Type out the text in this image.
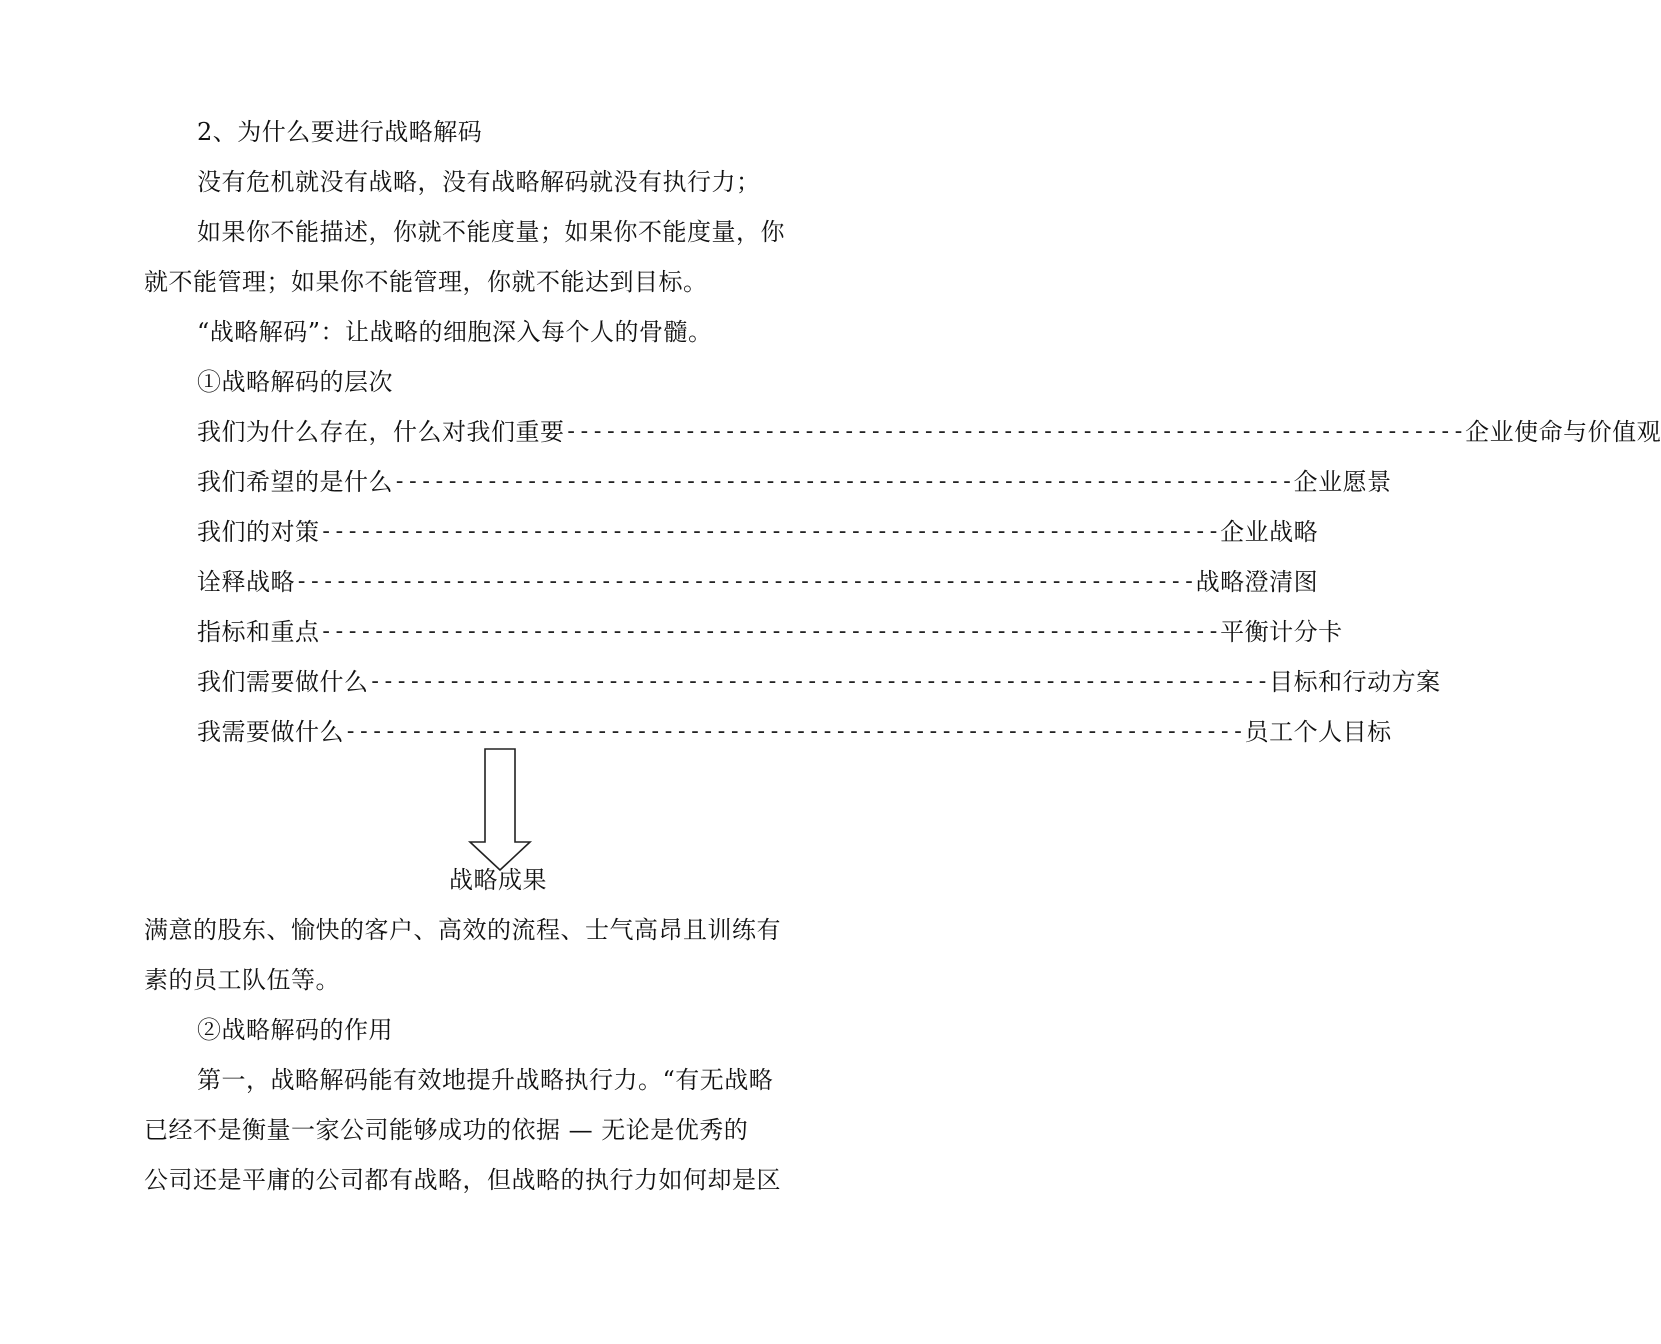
2、为什么要进行战略解码
没有危机就没有战略，没有战略解码就没有执行力；
如果你不能描述，你就不能度量；如果你不能度量，你
就不能管理；如果你不能管理，你就不能达到目标。
“战略解码”：让战略的细胞深入每个人的骨髓。
①战略解码的层次
我们为什么存在，什么对我们重要 -------------------------------------------------------------------- 企业使命与价值观
我们希望的是什么 -------------------------------------------------------------------- 企业愿景
我们的对策 -------------------------------------------------------------------- 企业战略
诠释战略 -------------------------------------------------------------------- 战略澄清图
指标和重点 -------------------------------------------------------------------- 平衡计分卡
我们需要做什么 -------------------------------------------------------------------- 目标和行动方案
我需要做什么 -------------------------------------------------------------------- 员工个人目标
战略成果
满意的股东、愉快的客户、高效的流程、士气高昂且训练有
素的员工队伍等。
②战略解码的作用
第一，战略解码能有效地提升战略执行力。“有无战略
已经不是衡量一家公司能够成功的依据 — 无论是优秀的
公司还是平庸的公司都有战略，但战略的执行力如何却是区
